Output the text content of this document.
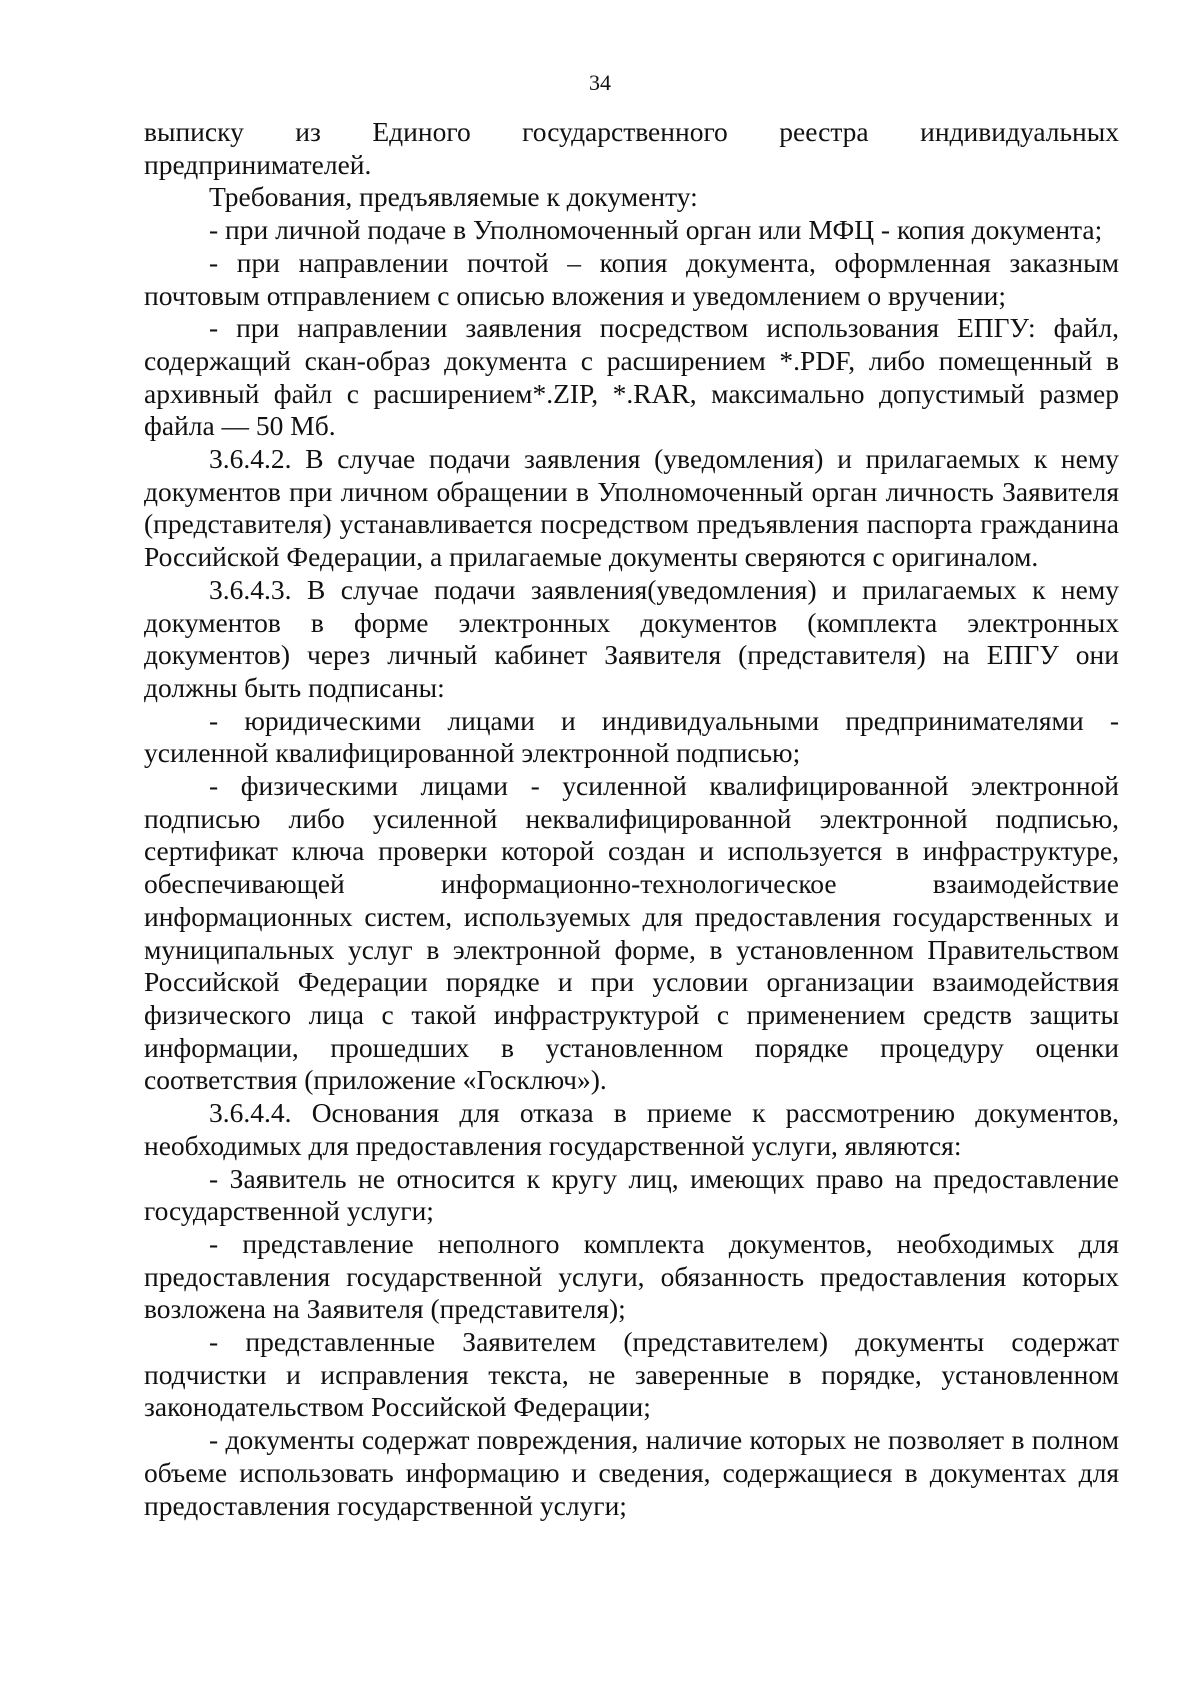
34

выписку из Единого государственного реестра индивидуальных предпринимателей.

Требования, предъявляемые к документу:

- при личной подаче в Уполномоченный орган или МФЦ - копия документа;

- при направлении почтой – копия документа, оформленная заказным почтовым отправлением с описью вложения и уведомлением о вручении;

- при направлении заявления посредством использования ЕПГУ: файл, содержащий скан-образ документа с расширением *.PDF, либо помещенный в архивный файл с расширением*.ZIP, *.RAR, максимально допустимый размер файла — 50 Мб.

3.6.4.2. В случае подачи заявления (уведомления) и прилагаемых к нему документов при личном обращении в Уполномоченный орган личность Заявителя (представителя) устанавливается посредством предъявления паспорта гражданина Российской Федерации, а прилагаемые документы сверяются с оригиналом.

3.6.4.3. В случае подачи заявления(уведомления) и прилагаемых к нему документов в форме электронных документов (комплекта электронных документов) через личный кабинет Заявителя (представителя) на ЕПГУ они должны быть подписаны:

- юридическими лицами и индивидуальными предпринимателями - усиленной квалифицированной электронной подписью;

- физическими лицами - усиленной квалифицированной электронной подписью либо усиленной неквалифицированной электронной подписью, сертификат ключа проверки которой создан и используется в инфраструктуре, обеспечивающей информационно-технологическое взаимодействие информационных систем, используемых для предоставления государственных и муниципальных услуг в электронной форме, в установленном Правительством Российской Федерации порядке и при условии организации взаимодействия физического лица с такой инфраструктурой с применением средств защиты информации, прошедших в установленном порядке процедуру оценки соответствия (приложение «Госключ»).

3.6.4.4. Основания для отказа в приеме к рассмотрению документов, необходимых для предоставления государственной услуги, являются:

- Заявитель не относится к кругу лиц, имеющих право на предоставление государственной услуги;

- представление неполного комплекта документов, необходимых для предоставления государственной услуги, обязанность предоставления которых возложена на Заявителя (представителя);

- представленные Заявителем (представителем) документы содержат подчистки и исправления текста, не заверенные в порядке, установленном законодательством Российской Федерации;

- документы содержат повреждения, наличие которых не позволяет в полном объеме использовать информацию и сведения, содержащиеся в документах для предоставления государственной услуги;
